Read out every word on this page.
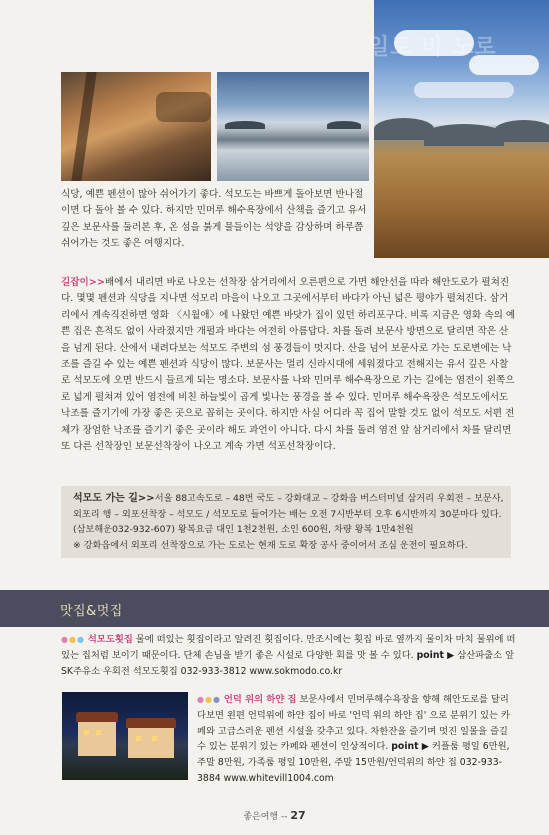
일로 비 노로
식당, 예쁜 펜션이 많아 쉬어가기 좋다. 석모도는 바쁘게 돌아보면 반나절이면 다 돌아 볼 수 있다. 하지만 민머루 해수욕장에서 산책을 즐기고 유서 깊은 보문사를 둘러본 후, 온 섬을 붉게 물들이는 석양을 감상하며 하루쯤 쉬어가는 것도 좋은 여행지다.
길잡이>>배에서 내리면 바로 나오는 선착장 삼거리에서 오른편으로 가면 해안선을 따라 해안도로가 펼쳐진다. 몇몇 펜션과 식당을 지나면 석모리 마을이 나오고 그곳에서부터 바다가 아닌 넓은 평야가 펼쳐진다. 삼거리에서 계속직진하면 영화 〈시월애〉에 나왔던 예쁜 바닷가 집이 있던 하리포구다. 비록 지금은 영화 속의 예쁜 집은 흔적도 없이 사라졌지만 개펄과 바다는 여전히 아름답다. 차를 돌려 보문사 방면으로 달리면 작은 산을 넘게 된다. 산에서 내려다보는 석모도 주변의 섬 풍경들이 멋지다. 산을 넘어 보문사로 가는 도로변에는 낙조를 즐길 수 있는 예쁜 펜션과 식당이 많다. 보문사는 멀리 신라시대에 세워졌다고 전해지는 유서 깊은 사찰로 석모도에 오면 반드시 들르게 되는 명소다. 보문사를 나와 민머루 해수욕장으로 가는 길에는 염전이 왼쪽으로 넓게 펼쳐져 있어 염전에 비친 하늘빛이 곱게 빛나는 풍경을 볼 수 있다. 민머루 해수욕장은 석모도에서도 낙조를 즐기기에 가장 좋은 곳으로 꼽히는 곳이다. 하지만 사실 어디라 꼭 집어 말할 것도 없이 석모도 서편 전체가 장엄한 낙조를 즐기기 좋은 곳이라 해도 과언이 아니다. 다시 차를 돌려 염전 앞 삼거리에서 차를 달리면 또 다른 선착장인 보문선착장이 나오고 계속 가면 석포선착장이다.
석모도 가는 길>>서울 88고속도로 – 48번 국도 – 강화대교 – 강화읍 버스터미널 삼거리 우회전 – 보문사, 외포리 행 – 외포선착장 – 석모도 / 석모도로 들어가는 배는 오전 7시반부터 오후 6시반까지 30분마다 있다. (삼보해운032-932-607) 왕복요금 대인 1천2천원, 소인 600원, 차량 왕복 1만4천원
※ 강화읍에서 외포리 선착장으로 가는 도로는 현재 도로 확장 공사 중이어서 조심 운전이 필요하다.
맛집&멋집
●●● 석모도횟집 물에 떠있는 횟집이라고 알려진 횟집이다. 만조시에는 횟집 바로 옆까지 물이차 마치 물위에 떠있는 집처럼 보이기 때문이다. 단체 손님을 받기 좋은 시설로 다양한 회를 맛 볼 수 있다. point ▶ 삼산파출소 앞 SK주유소 우회전 석모도횟집 032-933-3812 www.sokmodo.co.kr
●●● 언덕 위의 하얀 집 보문사에서 민머루해수욕장을 향해 해안도로를 달리다보면 왼편 언덕위에 하얀 집이 바로 '언덕 위의 하얀 집' 으로 분위기 있는 카페와 고급스러운 펜션 시설을 갖추고 있다. 차한잔을 즐기며 멋진 일몰을 즐길 수 있는 분위기 있는 카페와 펜션이 인상적이다. point ▶ 커플룸 평일 6만원, 주말 8만원, 가족룸 평일 10만원, 주말 15만원/언덕위의 하얀 집 032-933-3884 www.whitevill1004.com
좋은여행 -- 27
